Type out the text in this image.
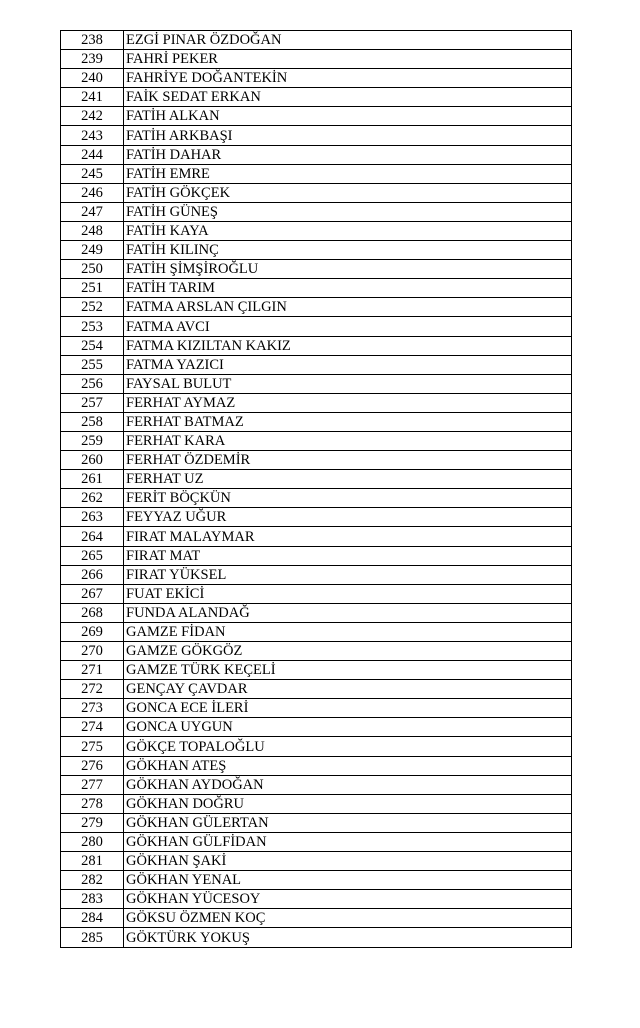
238	EZGİ PINAR ÖZDOĞAN
239	FAHRİ PEKER
240	FAHRİYE DOĞANTEKİN
241	FAİK SEDAT ERKAN
242	FATİH ALKAN
243	FATİH ARKBAŞI
244	FATİH DAHAR
245	FATİH EMRE
246	FATİH GÖKÇEK
247	FATİH GÜNEŞ
248	FATİH KAYA
249	FATİH KILINÇ
250	FATİH ŞİMŞİROĞLU
251	FATİH TARIM
252	FATMA ARSLAN ÇILGIN
253	FATMA AVCI
254	FATMA KIZILTAN KAKIZ
255	FATMA YAZICI
256	FAYSAL BULUT
257	FERHAT AYMAZ
258	FERHAT BATMAZ
259	FERHAT KARA
260	FERHAT ÖZDEMİR
261	FERHAT UZ
262	FERİT BÖÇKÜN
263	FEYYAZ UĞUR
264	FIRAT MALAYMAR
265	FIRAT MAT
266	FIRAT YÜKSEL
267	FUAT EKİCİ
268	FUNDA ALANDAĞ
269	GAMZE FİDAN
270	GAMZE GÖKGÖZ
271	GAMZE TÜRK KEÇELİ
272	GENÇAY ÇAVDAR
273	GONCA ECE İLERİ
274	GONCA UYGUN
275	GÖKÇE TOPALOĞLU
276	GÖKHAN ATEŞ
277	GÖKHAN AYDOĞAN
278	GÖKHAN DOĞRU
279	GÖKHAN GÜLERTAN
280	GÖKHAN GÜLFİDAN
281	GÖKHAN ŞAKİ
282	GÖKHAN YENAL
283	GÖKHAN YÜCESOY
284	GÖKSU ÖZMEN KOÇ
285	GÖKTÜRK YOKUŞ
